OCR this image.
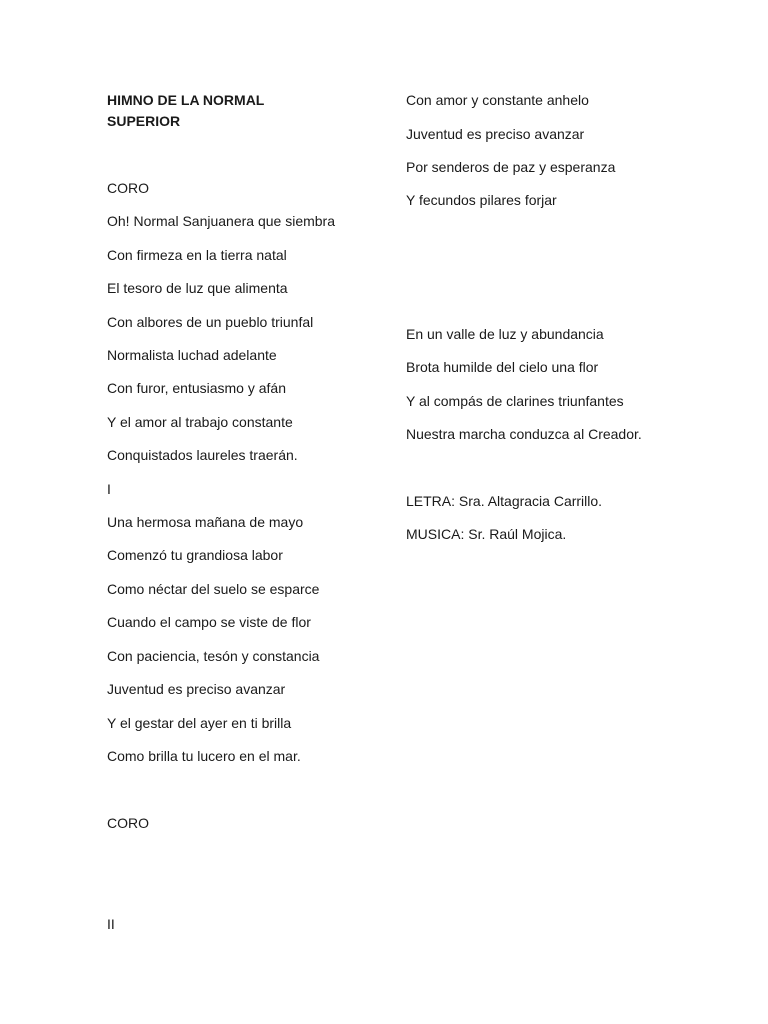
HIMNO DE LA NORMAL
SUPERIOR
CORO
Oh! Normal Sanjuanera que siembra
Con firmeza en la tierra natal
El tesoro de luz que alimenta
Con albores de un pueblo triunfal
Normalista luchad adelante
Con furor, entusiasmo y afán
Y el amor al trabajo constante
Conquistados laureles traerán.
I
Una hermosa mañana de mayo
Comenzó tu grandiosa labor
Como néctar del suelo se esparce
Cuando el campo se viste de flor
Con paciencia, tesón y constancia
Juventud es preciso avanzar
Y el gestar del ayer en ti brilla
Como brilla tu lucero en el mar.
CORO
II
Con amor y constante anhelo
Juventud es preciso avanzar
Por senderos de paz y esperanza
Y fecundos pilares forjar
En un valle de luz y abundancia
Brota humilde del cielo una flor
Y al compás de clarines triunfantes
Nuestra marcha conduzca al Creador.
LETRA: Sra. Altagracia Carrillo.
MUSICA: Sr. Raúl Mojica.
